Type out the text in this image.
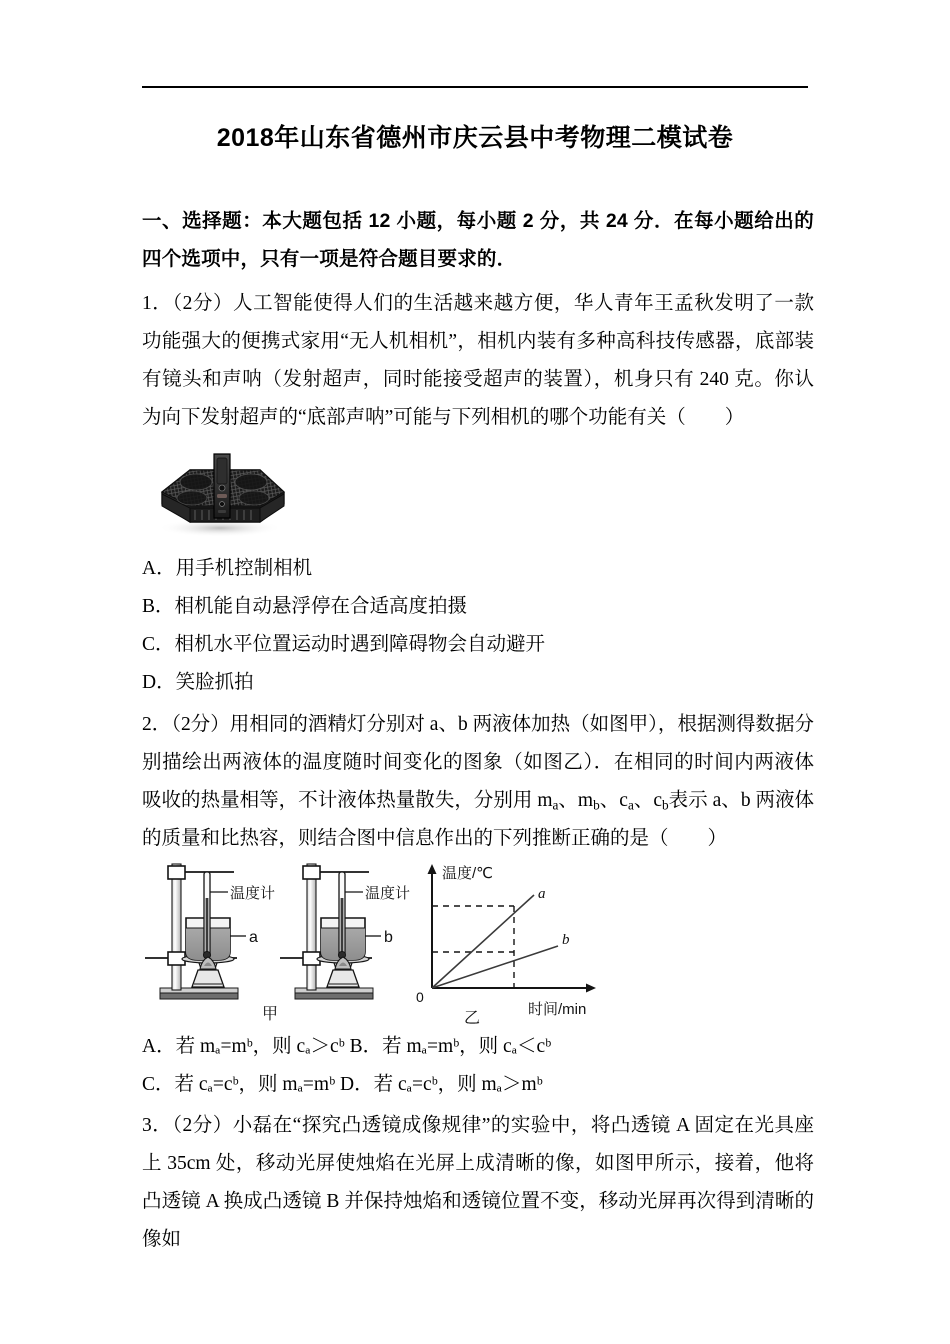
2018年山东省德州市庆云县中考物理二模试卷
一、选择题：本大题包括 12 小题，每小题 2 分，共 24 分．在每小题给出的四个选项中，只有一项是符合题目要求的．
1．（2分）人工智能使得人们的生活越来越方便，华人青年王孟秋发明了一款功能强大的便携式家用“无人机相机”，相机内装有多种高科技传感器，底部装有镜头和声呐（发射超声，同时能接受超声的装置），机身只有 240 克。你认为向下发射超声的“底部声呐”可能与下列相机的哪个功能有关（　　）
A．用手机控制相机
B．相机能自动悬浮停在合适高度拍摄
C．相机水平位置运动时遇到障碍物会自动避开
D．笑脸抓拍
2．（2分）用相同的酒精灯分别对 a、b 两液体加热（如图甲），根据测得数据分别描绘出两液体的温度随时间变化的图象（如图乙）．在相同的时间内两液体吸收的热量相等，不计液体热量散失，分别用 $m_a$、$m_b$、$c_a$、$c_b$表示 a、b 两液体的质量和比热容，则结合图中信息作出的下列推断正确的是（　　）
温度计
a
温度计
b
甲
a
b
温度/℃
时间/min
0
乙
A．若 mₐ=mᵇ，则 cₐ＞cᵇ B．若 mₐ=mᵇ，则 cₐ＜cᵇ
C．若 cₐ=cᵇ，则 mₐ=mᵇ D．若 cₐ=cᵇ，则 mₐ＞mᵇ
3．（2分）小磊在“探究凸透镜成像规律”的实验中，将凸透镜 A 固定在光具座上 35cm 处，移动光屏使烛焰在光屏上成清晰的像，如图甲所示，接着，他将凸透镜 A 换成凸透镜 B 并保持烛焰和透镜位置不变，移动光屏再次得到清晰的像如
